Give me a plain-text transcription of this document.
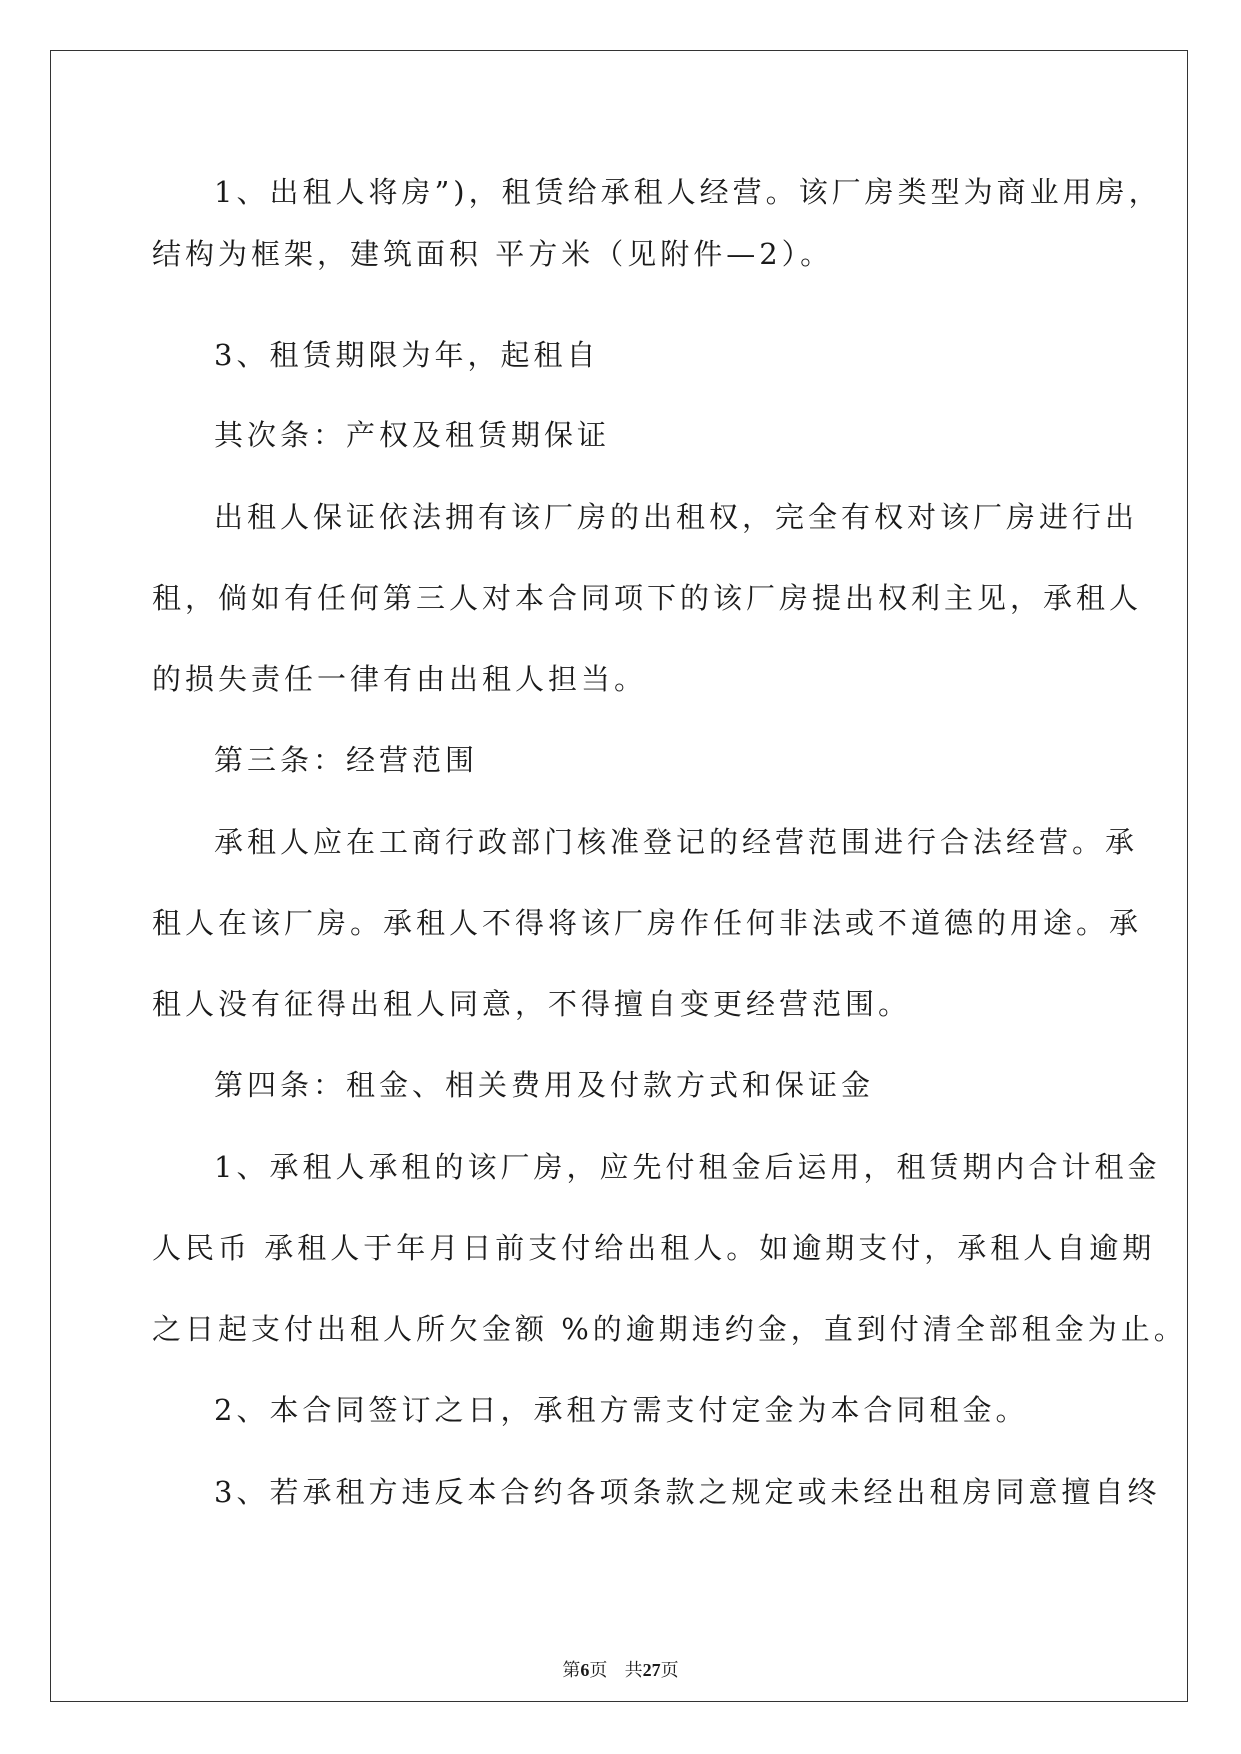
1、出租人将房”)，租赁给承租人经营。该厂房类型为商业用房，
结构为框架，建筑面积 平方米（见附件—2）。
3、租赁期限为年，起租自
其次条：产权及租赁期保证
出租人保证依法拥有该厂房的出租权，完全有权对该厂房进行出
租，倘如有任何第三人对本合同项下的该厂房提出权利主见，承租人
的损失责任一律有由出租人担当。
第三条：经营范围
承租人应在工商行政部门核准登记的经营范围进行合法经营。承
租人在该厂房。承租人不得将该厂房作任何非法或不道德的用途。承
租人没有征得出租人同意，不得擅自变更经营范围。
第四条：租金、相关费用及付款方式和保证金
1、承租人承租的该厂房，应先付租金后运用，租赁期内合计租金
人民币 承租人于年月日前支付给出租人。如逾期支付，承租人自逾期
之日起支付出租人所欠金额 %的逾期违约金，直到付清全部租金为止。
2、本合同签订之日，承租方需支付定金为本合同租金。
3、若承租方违反本合约各项条款之规定或未经出租房同意擅自终
第6页 共27页
